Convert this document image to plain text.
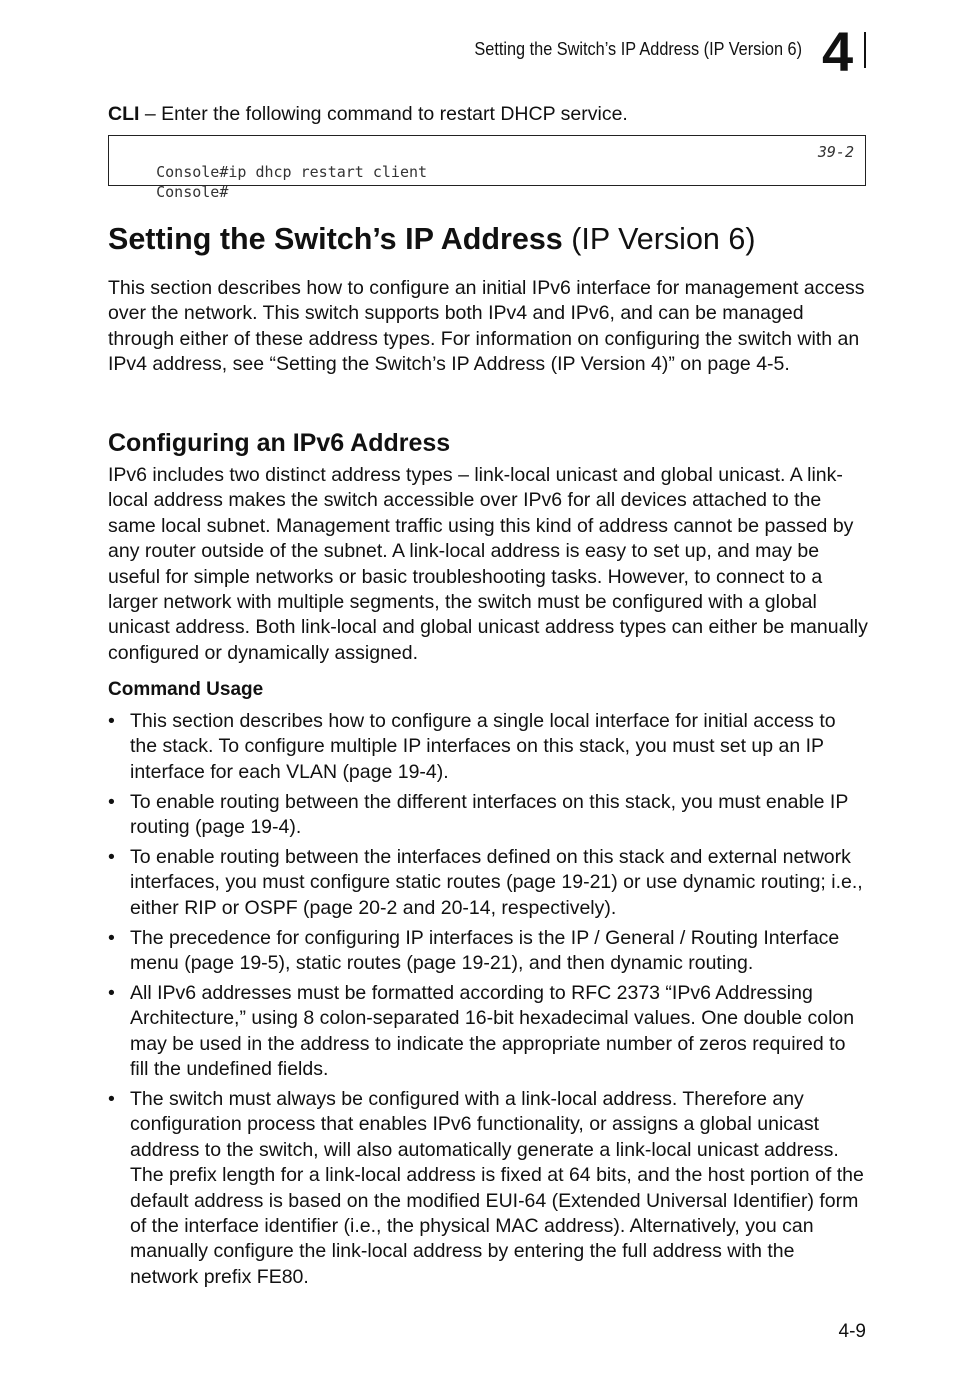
Setting the Switch’s IP Address (IP Version 6) 4
CLI – Enter the following command to restart DHCP service.

Console#ip dhcp restart client

39-2

Console#

Setting the Switch’s IP Address (IP Version 6)

This section describes how to configure an initial IPv6 interface for management access over the network. This switch supports both IPv4 and IPv6, and can be managed through either of these address types. For information on configuring the switch with an IPv4 address, see “Setting the Switch’s IP Address (IP Version 4)” on page 4-5.

Configuring an IPv6 Address

IPv6 includes two distinct address types – link-local unicast and global unicast. A link-local address makes the switch accessible over IPv6 for all devices attached to the same local subnet. Management traffic using this kind of address cannot be passed by any router outside of the subnet. A link-local address is easy to set up, and may be useful for simple networks or basic troubleshooting tasks. However, to connect to a larger network with multiple segments, the switch must be configured with a global unicast address. Both link-local and global unicast address types can either be manually configured or dynamically assigned.

Command Usage
• This section describes how to configure a single local interface for initial access to the stack. To configure multiple IP interfaces on this stack, you must set up an IP interface for each VLAN (page 19-4).
• To enable routing between the different interfaces on this stack, you must enable IP routing (page 19-4).
• To enable routing between the interfaces defined on this stack and external network interfaces, you must configure static routes (page 19-21) or use dynamic routing; i.e., either RIP or OSPF (page 20-2 and 20-14, respectively).
• The precedence for configuring IP interfaces is the IP / General / Routing Interface menu (page 19-5), static routes (page 19-21), and then dynamic routing.
• All IPv6 addresses must be formatted according to RFC 2373 “IPv6 Addressing Architecture,” using 8 colon-separated 16-bit hexadecimal values. One double colon may be used in the address to indicate the appropriate number of zeros required to fill the undefined fields.
• The switch must always be configured with a link-local address. Therefore any configuration process that enables IPv6 functionality, or assigns a global unicast address to the switch, will also automatically generate a link-local unicast address. The prefix length for a link-local address is fixed at 64 bits, and the host portion of the default address is based on the modified EUI-64 (Extended Universal Identifier) form of the interface identifier (i.e., the physical MAC address). Alternatively, you can manually configure the link-local address by entering the full address with the network prefix FE80.
4-9
